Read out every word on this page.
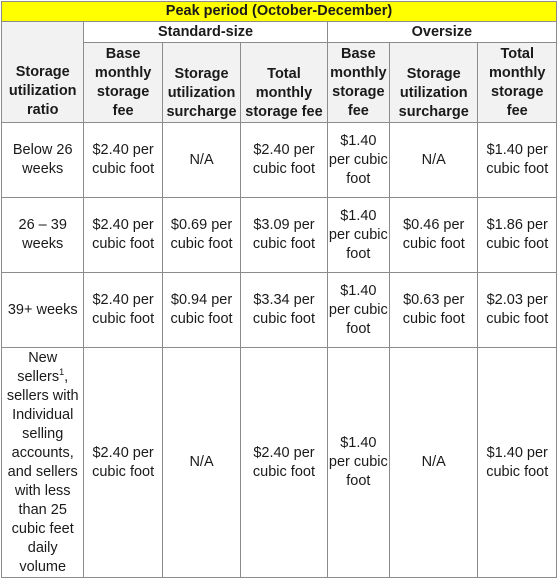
Peak period (October-December)						
Storage utilization ratio	Standard-size			Oversize		
	Base monthly storage fee	Storage utilization surcharge	Total monthly storage fee	Base monthly storage fee	Storage utilization surcharge	Total monthly storage fee
Below 26 weeks	$2.40 per cubic foot	N/A	$2.40 per cubic foot	$1.40 per cubic foot	N/A	$1.40 per cubic foot
26 – 39 weeks	$2.40 per cubic foot	$0.69 per cubic foot	$3.09 per cubic foot	$1.40 per cubic foot	$0.46 per cubic foot	$1.86 per cubic foot
39+ weeks	$2.40 per cubic foot	$0.94 per cubic foot	$3.34 per cubic foot	$1.40 per cubic foot	$0.63 per cubic foot	$2.03 per cubic foot
New sellers$^1$, sellers with Individual selling accounts, and sellers with less than 25 cubic feet daily volume	$2.40 per cubic foot	N/A	$2.40 per cubic foot	$1.40 per cubic foot	N/A	$1.40 per cubic foot
